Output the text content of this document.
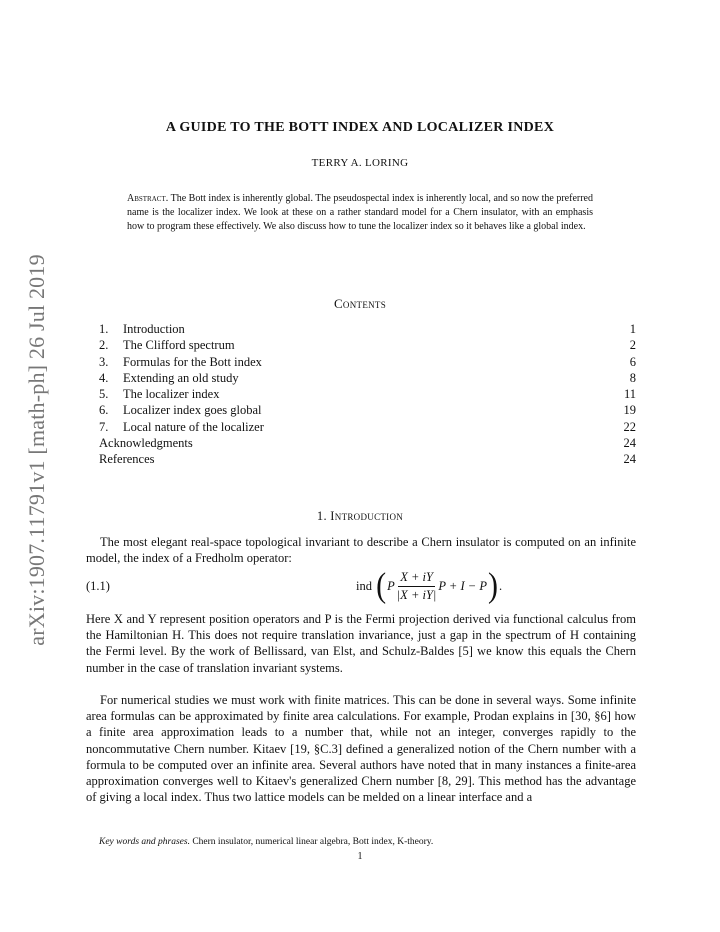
arXiv:1907.11791v1 [math-ph] 26 Jul 2019
A GUIDE TO THE BOTT INDEX AND LOCALIZER INDEX
TERRY A. LORING
Abstract. The Bott index is inherently global. The pseudospectal index is inherently local, and so now the preferred name is the localizer index. We look at these on a rather standard model for a Chern insulator, with an emphasis how to program these effectively. We also discuss how to tune the localizer index so it behaves like a global index.
Contents
1. Introduction	1
2. The Clifford spectrum	2
3. Formulas for the Bott index	6
4. Extending an old study	8
5. The localizer index	11
6. Localizer index goes global	19
7. Local nature of the localizer	22
Acknowledgments	24
References	24
1. Introduction

The most elegant real-space topological invariant to describe a Chern insulator is computed on an infinite model, the index of a Fredholm operator:

(1.1)	ind
( P $\frac{X + iY}{|X + iY|}$ P + I − P ) .

Here X and Y represent position operators and P is the Fermi projection derived via functional calculus from the Hamiltonian H. This does not require translation invariance, just a gap in the spectrum of H containing the Fermi level. By the work of Bellissard, van Elst, and Schulz-Baldes [5] we know this equals the Chern number in the case of translation invariant systems.

For numerical studies we must work with finite matrices. This can be done in several ways. Some infinite area formulas can be approximated by finite area calculations. For example, Prodan explains in [30, §6] how a finite area approximation leads to a number that, while not an integer, converges rapidly to the noncommutative Chern number. Kitaev [19, §C.3] defined a generalized notion of the Chern number with a formula to be computed over an infinite area. Several authors have noted that in many instances a finite-area approximation converges well to Kitaev's generalized Chern number [8, 29]. This method has the advantage of giving a local index. Thus two lattice models can be melded on a linear interface and a

Key words and phrases. Chern insulator, numerical linear algebra, Bott index, K-theory.
1
